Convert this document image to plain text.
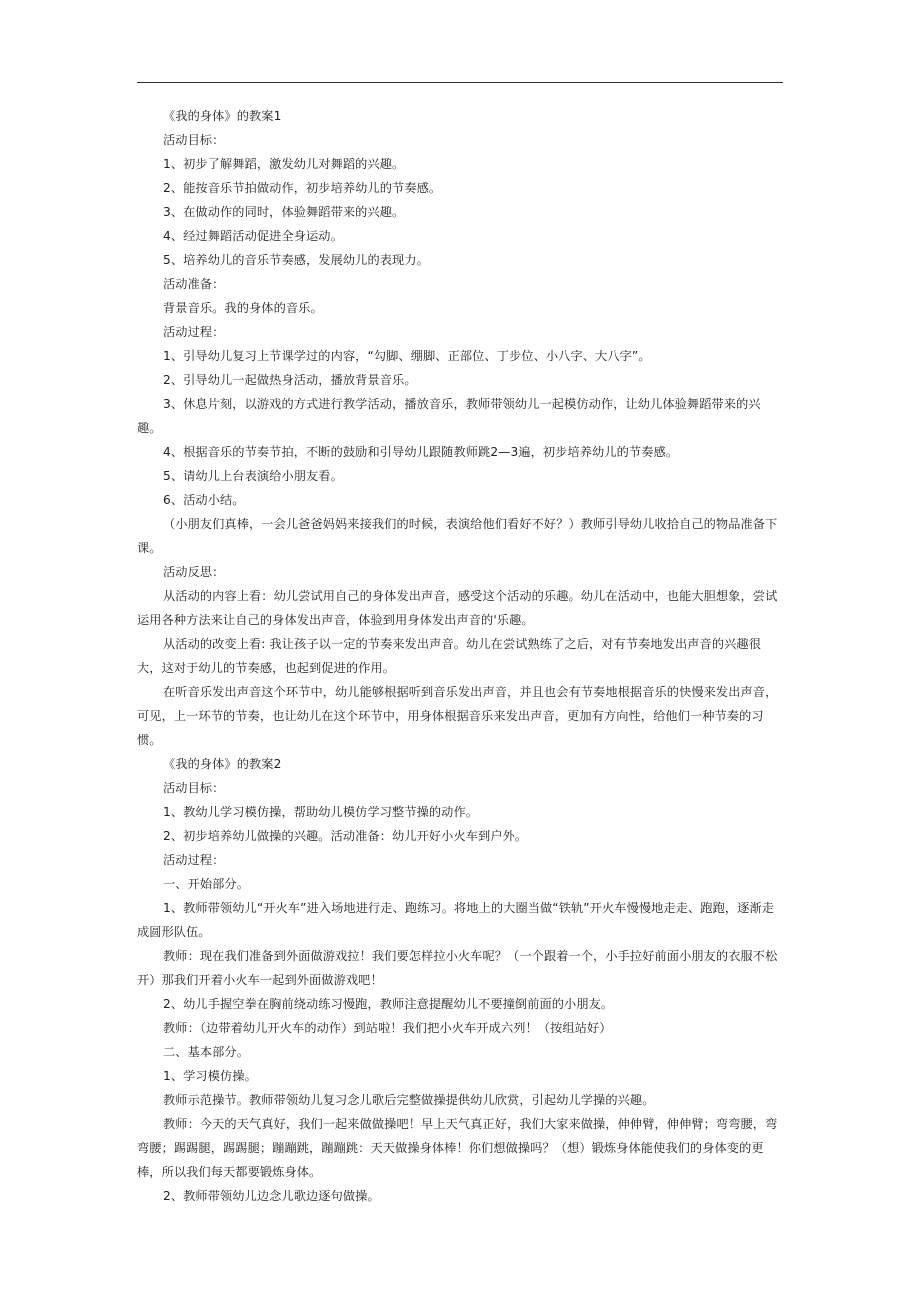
《我的身体》的教案1

活动目标：

1、初步了解舞蹈，激发幼儿对舞蹈的兴趣。

2、能按音乐节拍做动作，初步培养幼儿的节奏感。

3、在做动作的同时，体验舞蹈带来的兴趣。

4、经过舞蹈活动促进全身运动。

5、培养幼儿的音乐节奏感，发展幼儿的表现力。

活动准备：

背景音乐。我的身体的音乐。

活动过程：

1、引导幼儿复习上节课学过的内容，“勾脚、绷脚、正部位、丁步位、小八字、大八字”。

2、引导幼儿一起做热身活动，播放背景音乐。

3、休息片刻，以游戏的方式进行教学活动，播放音乐，教师带领幼儿一起模仿动作，让幼儿体验舞蹈带来的兴趣。

4、根据音乐的节奏节拍，不断的鼓励和引导幼儿跟随教师跳2—3遍，初步培养幼儿的节奏感。

5、请幼儿上台表演给小朋友看。

6、活动小结。

（小朋友们真棒，一会儿爸爸妈妈来接我们的时候，表演给他们看好不好？）教师引导幼儿收拾自己的物品准备下课。

活动反思：

从活动的内容上看：幼儿尝试用自己的身体发出声音，感受这个活动的乐趣。幼儿在活动中，也能大胆想象，尝试运用各种方法来让自己的身体发出声音，体验到用身体发出声音的'乐趣。

从活动的改变上看: 我让孩子以一定的节奏来发出声音。幼儿在尝试熟练了之后，对有节奏地发出声音的兴趣很大，这对于幼儿的节奏感，也起到促进的作用。

在听音乐发出声音这个环节中，幼儿能够根据听到音乐发出声音，并且也会有节奏地根据音乐的快慢来发出声音，可见，上一环节的节奏，也让幼儿在这个环节中，用身体根据音乐来发出声音，更加有方向性，给他们一种节奏的习惯。

《我的身体》的教案2

活动目标：

1、教幼儿学习模仿操，帮助幼儿模仿学习整节操的动作。

2、初步培养幼儿做操的兴趣。活动准备：幼儿开好小火车到户外。

活动过程：

一、开始部分。

1、教师带领幼儿“开火车”进入场地进行走、跑练习。将地上的大圈当做“铁轨”开火车慢慢地走走、跑跑，逐渐走成圆形队伍。

教师：现在我们准备到外面做游戏拉！我们要怎样拉小火车呢？（一个跟着一个，小手拉好前面小朋友的衣服不松开）那我们开着小火车一起到外面做游戏吧！

2、幼儿手握空拳在胸前绕动练习慢跑，教师注意提醒幼儿不要撞倒前面的小朋友。

教师：（边带着幼儿开火车的动作）到站啦！我们把小火车开成六列！（按组站好）

二、基本部分。

1、学习模仿操。

教师示范操节。教师带领幼儿复习念儿歌后完整做操提供幼儿欣赏，引起幼儿学操的兴趣。

教师：今天的天气真好，我们一起来做做操吧！早上天气真正好，我们大家来做操，伸伸臂，伸伸臂；弯弯腰，弯弯腰；踢踢腿，踢踢腿；蹦蹦跳，蹦蹦跳：天天做操身体棒！你们想做操吗？（想）锻炼身体能使我们的身体变的更棒，所以我们每天都要锻炼身体。

2、教师带领幼儿边念儿歌边逐句做操。
